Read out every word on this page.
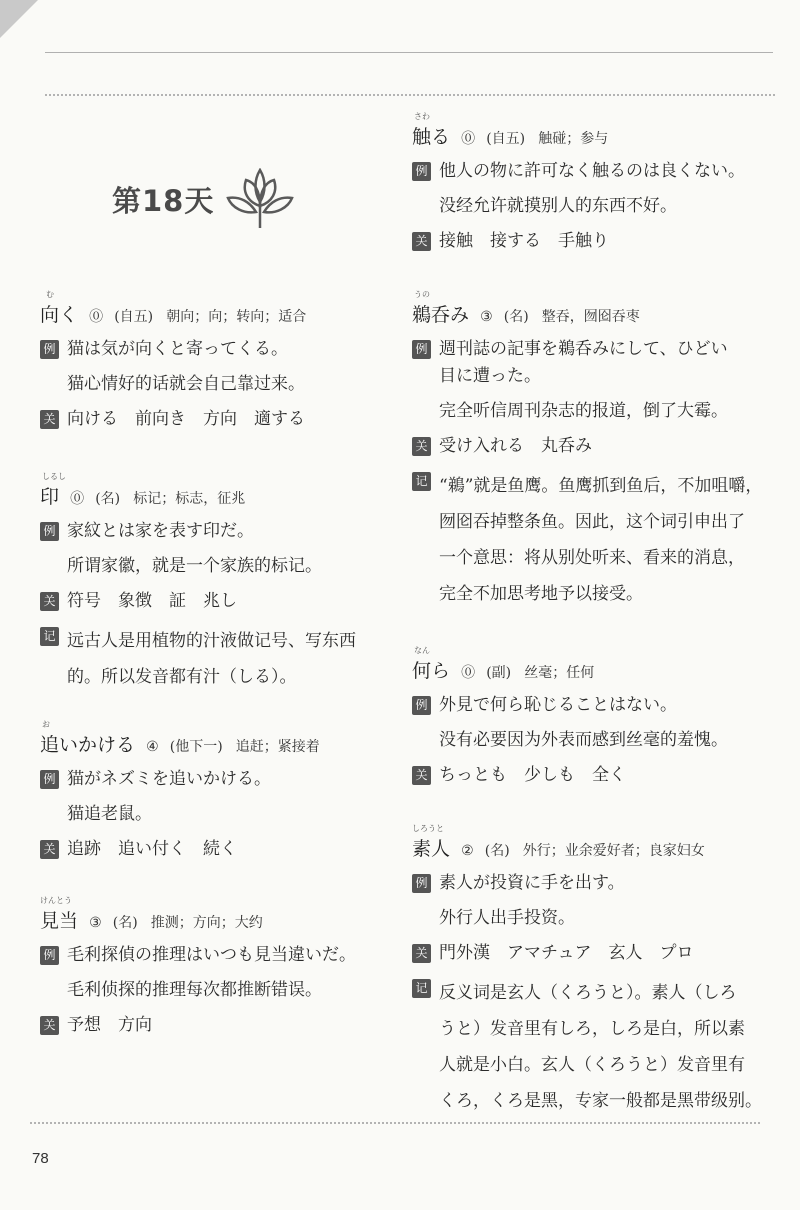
第18天
む
向く ⓪ (自五) 朝向；向；转向；适合
例 猫は気が向くと寄ってくる。
猫心情好的话就会自己靠过来。
关 向ける　前向き　方向　適する
しるし
印 ⓪ (名) 标记；标志，征兆
例 家紋とは家を表す印だ。
所谓家徽，就是一个家族的标记。
关 符号　象徴　証　兆し
记 远古人是用植物的汁液做记号、写东西的。所以发音都有汁（しる）。
お
追いかける ④ (他下一) 追赶；紧接着
例 猫がネズミを追いかける。
猫追老鼠。
关 追跡　追い付く　続く
けんとう
見当 ③ (名) 推测；方向；大约
例 毛利探偵の推理はいつも見当違いだ。
毛利侦探的推理每次都推断错误。
关 予想　方向
さわ
触る ⓪ (自五) 触碰；参与
例 他人の物に許可なく触るのは良くない。
没经允许就摸别人的东西不好。
关 接触　接する　手触り
うの
鵜呑み ③ (名) 整吞，囫囵吞枣
例 週刊誌の記事を鵜呑みにして、ひどい
目に遭った。
完全听信周刊杂志的报道，倒了大霉。
关 受け入れる　丸呑み
记 “鵜”就是鱼鹰。鱼鹰抓到鱼后，不加咀嚼，
囫囵吞掉整条鱼。因此，这个词引申出了
一个意思：将从别处听来、看来的消息，
完全不加思考地予以接受。
なん
何ら ⓪ (副) 丝毫；任何
例 外見で何ら恥じることはない。
没有必要因为外表而感到丝毫的羞愧。
关 ちっとも　少しも　全く
しろうと
素人 ② (名) 外行；业余爱好者；良家妇女
例 素人が投資に手を出す。
外行人出手投资。
关 門外漢　アマチュア　玄人　プロ
记 反义词是玄人（くろうと）。素人（しろ
うと）发音里有しろ，しろ是白，所以素
人就是小白。玄人（くろうと）发音里有
くろ，くろ是黑，专家一般都是黑带级别。
78
